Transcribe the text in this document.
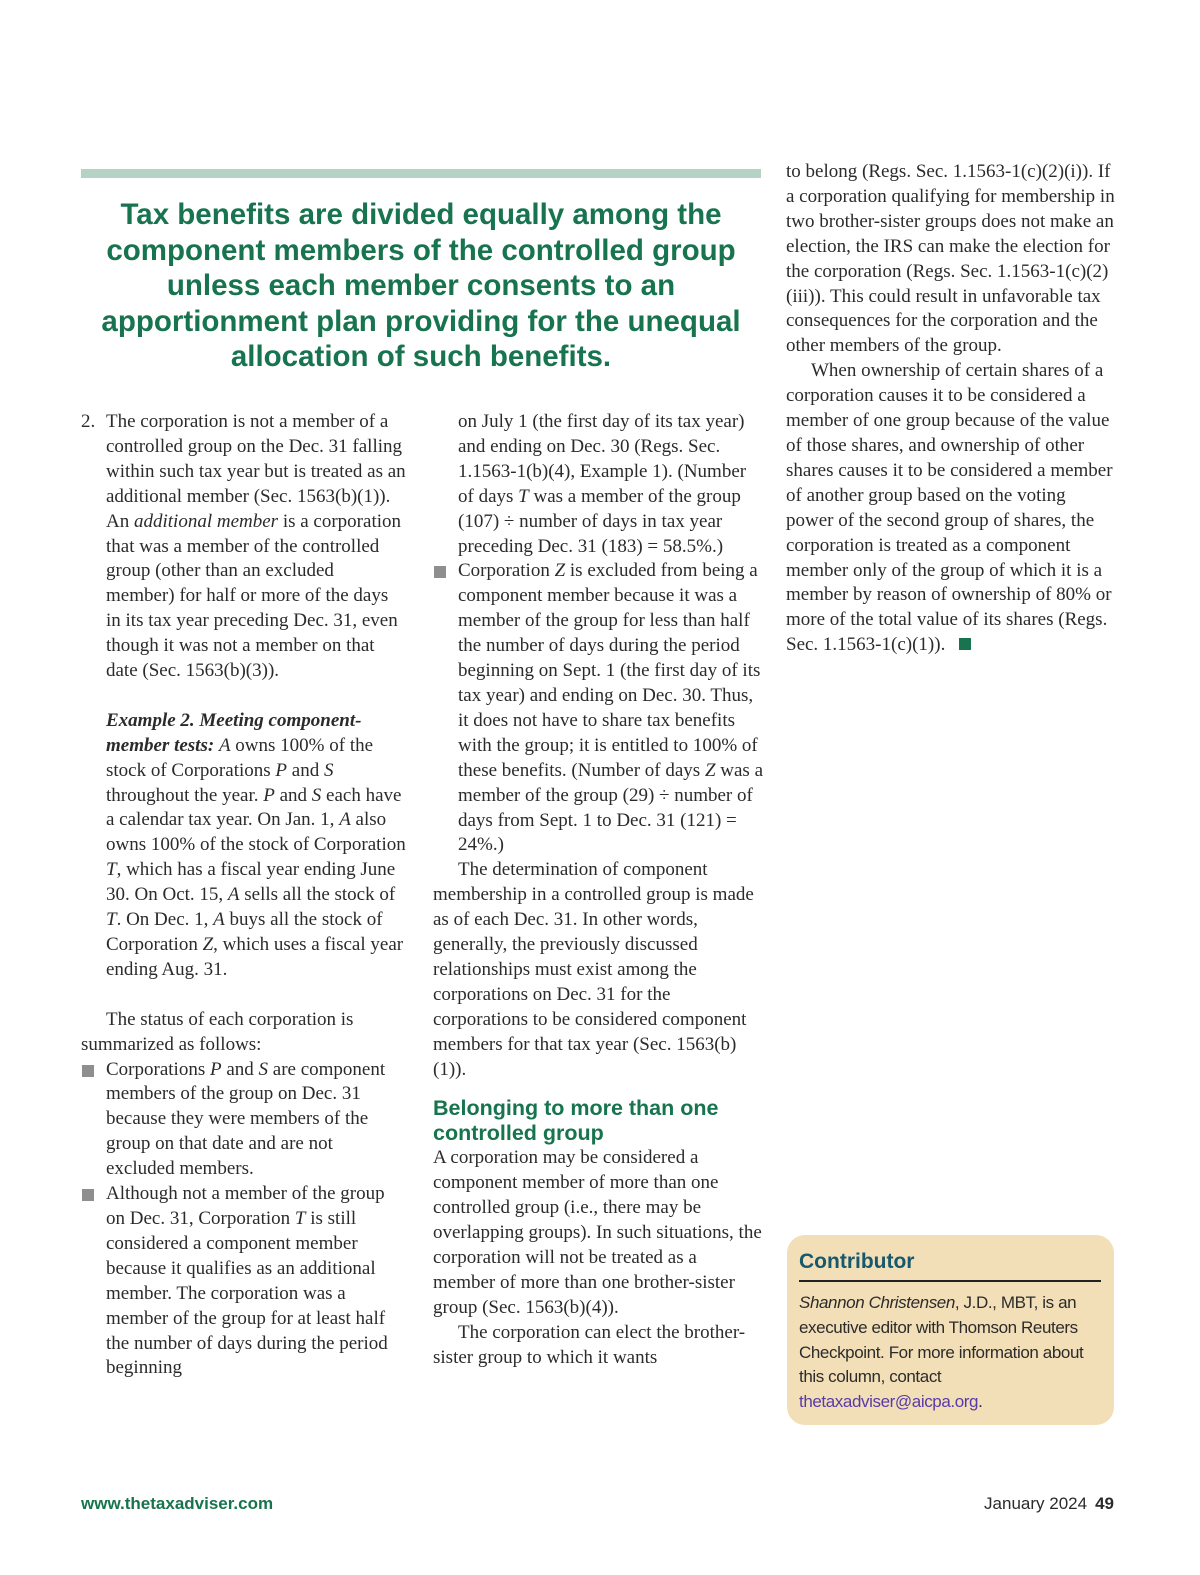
Tax benefits are divided equally among the component members of the controlled group unless each member consents to an apportionment plan providing for the unequal allocation of such benefits.

2. The corporation is not a member of a controlled group on the Dec. 31 falling within such tax year but is treated as an additional member (Sec. 1563(b)(1)). An additional member is a corporation that was a member of the controlled group (other than an excluded member) for half or more of the days in its tax year preceding Dec. 31, even though it was not a member on that date (Sec. 1563(b)(3)).
Example 2. Meeting component-member tests: A owns 100% of the stock of Corporations P and S throughout the year. P and S each have a calendar tax year. On Jan. 1, A also owns 100% of the stock of Corporation T, which has a fiscal year ending June 30. On Oct. 15, A sells all the stock of T. On Dec. 1, A buys all the stock of Corporation Z, which uses a fiscal year ending Aug. 31.

The status of each corporation is summarized as follows:

Corporations P and S are component members of the group on Dec. 31 because they were members of the group on that date and are not excluded members.
Although not a member of the group on Dec. 31, Corporation T is still considered a component member because it qualifies as an additional member. The corporation was a member of the group for at least half the number of days during the period beginning
on July 1 (the first day of its tax year) and ending on Dec. 30 (Regs. Sec. 1.1563-1(b)(4), Example 1). (Number of days T was a member of the group (107) ÷ number of days in tax year preceding Dec. 31 (183) = 58.5%.)
Corporation Z is excluded from being a component member because it was a member of the group for less than half the number of days during the period beginning on Sept. 1 (the first day of its tax year) and ending on Dec. 30. Thus, it does not have to share tax benefits with the group; it is entitled to 100% of these benefits. (Number of days Z was a member of the group (29) ÷ number of days from Sept. 1 to Dec. 31 (121) = 24%.)

The determination of component membership in a controlled group is made as of each Dec. 31. In other words, generally, the previously discussed relationships must exist among the corporations on Dec. 31 for the corporations to be considered component members for that tax year (Sec. 1563(b)(1)).

Belonging to more than one controlled group

A corporation may be considered a component member of more than one controlled group (i.e., there may be overlapping groups). In such situations, the corporation will not be treated as a member of more than one brother-sister group (Sec. 1563(b)(4)).

The corporation can elect the brother-sister group to which it wants

to belong (Regs. Sec. 1.1563-1(c)(2)(i)). If a corporation qualifying for membership in two brother-sister groups does not make an election, the IRS can make the election for the corporation (Regs. Sec. 1.1563-1(c)(2)(iii)). This could result in unfavorable tax consequences for the corporation and the other members of the group.

When ownership of certain shares of a corporation causes it to be considered a member of one group because of the value of those shares, and ownership of other shares causes it to be considered a member of another group based on the voting power of the second group of shares, the corporation is treated as a component member only of the group of which it is a member by reason of ownership of 80% or more of the total value of its shares (Regs. Sec. 1.1563-1(c)(1)).

Contributor
Shannon Christensen, J.D., MBT, is an executive editor with Thomson Reuters Checkpoint. For more information about this column, contact thetaxadviser@aicpa.org.
www.thetaxadviser.com	January 2024 49
